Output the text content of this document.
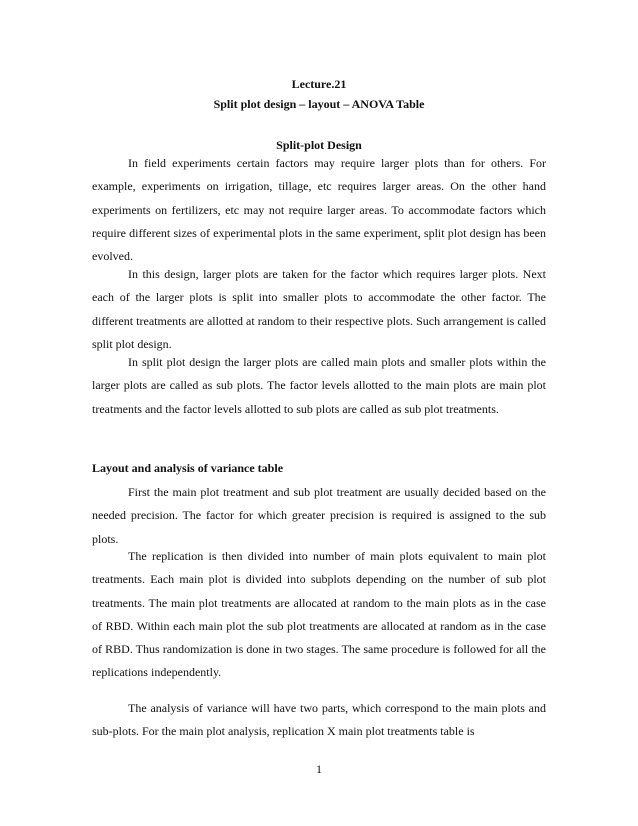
Lecture.21
Split plot design – layout – ANOVA Table
Split-plot Design

In field experiments certain factors may require larger plots than for others. For example, experiments on irrigation, tillage, etc requires larger areas. On the other hand experiments on fertilizers, etc may not require larger areas. To accommodate factors which require different sizes of experimental plots in the same experiment, split plot design has been evolved.

In this design, larger plots are taken for the factor which requires larger plots. Next each of the larger plots is split into smaller plots to accommodate the other factor. The different treatments are allotted at random to their respective plots. Such arrangement is called split plot design.

In split plot design the larger plots are called main plots and smaller plots within the larger plots are called as sub plots. The factor levels allotted to the main plots are main plot treatments and the factor levels allotted to sub plots are called as sub plot treatments.

Layout and analysis of variance table

First the main plot treatment and sub plot treatment are usually decided based on the needed precision. The factor for which greater precision is required is assigned to the sub plots.

The replication is then divided into number of main plots equivalent to main plot treatments. Each main plot is divided into subplots depending on the number of sub plot treatments. The main plot treatments are allocated at random to the main plots as in the case of RBD. Within each main plot the sub plot treatments are allocated at random as in the case of RBD. Thus randomization is done in two stages. The same procedure is followed for all the replications independently.

The analysis of variance will have two parts, which correspond to the main plots and sub-plots. For the main plot analysis, replication X main plot treatments table is

1
